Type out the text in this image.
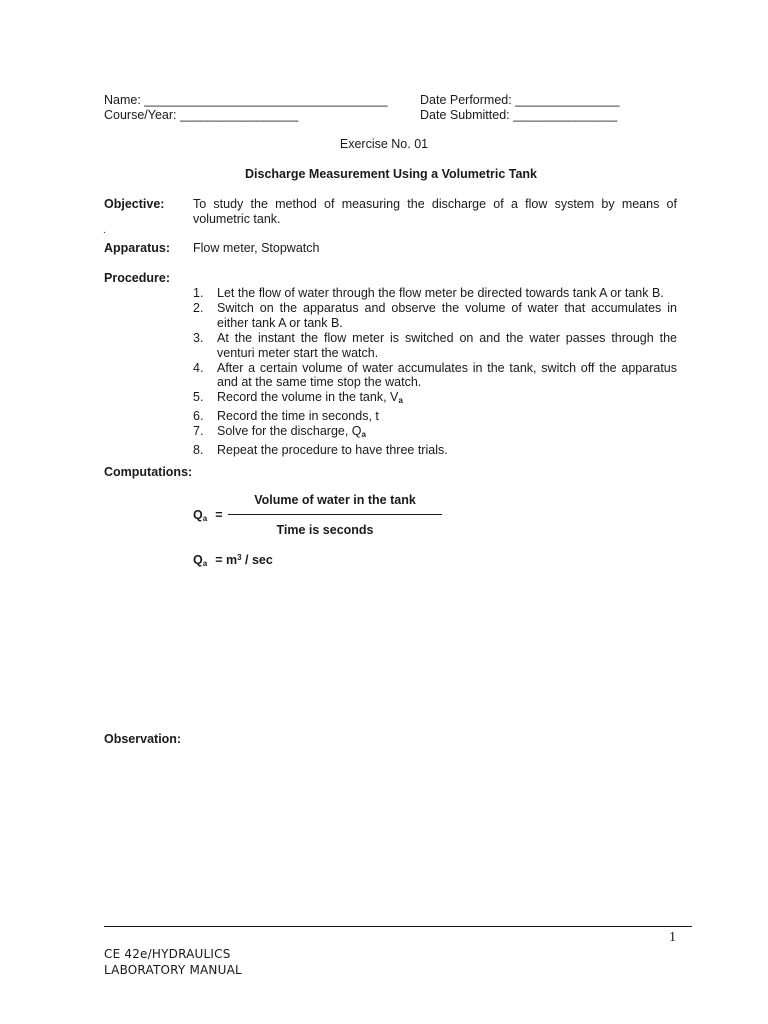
Name: ___________________________________	Date Performed: _______________
Course/Year: _________________	Date Submitted: _______________
Exercise No. 01
Discharge Measurement Using a Volumetric Tank
Objective: To study the method of measuring the discharge of a flow system by means of volumetric tank.
.
Apparatus: Flow meter, Stopwatch
Procedure:
1.	Let the flow of water through the flow meter be directed towards tank A or tank B.
2.	Switch on the apparatus and observe the volume of water that accumulates in either tank A or tank B.
3.	At the instant the flow meter is switched on and the water passes through the venturi meter start the watch.
4.	After a certain volume of water accumulates in the tank, switch off the apparatus and at the same time stop the watch.
5.	Record the volume in the tank, $V_a$
6.	Record the time in seconds, t
7.	Solve for the discharge, $Q_a$
8.	Repeat the procedure to have three trials.
Computations:
Volume of water in the tank
Time is seconds
$Q_a$ =
$Q_a = m^3 / \sec$
Observation:
1
CE 42e/HYDRAULICS
LABORATORY MANUAL
